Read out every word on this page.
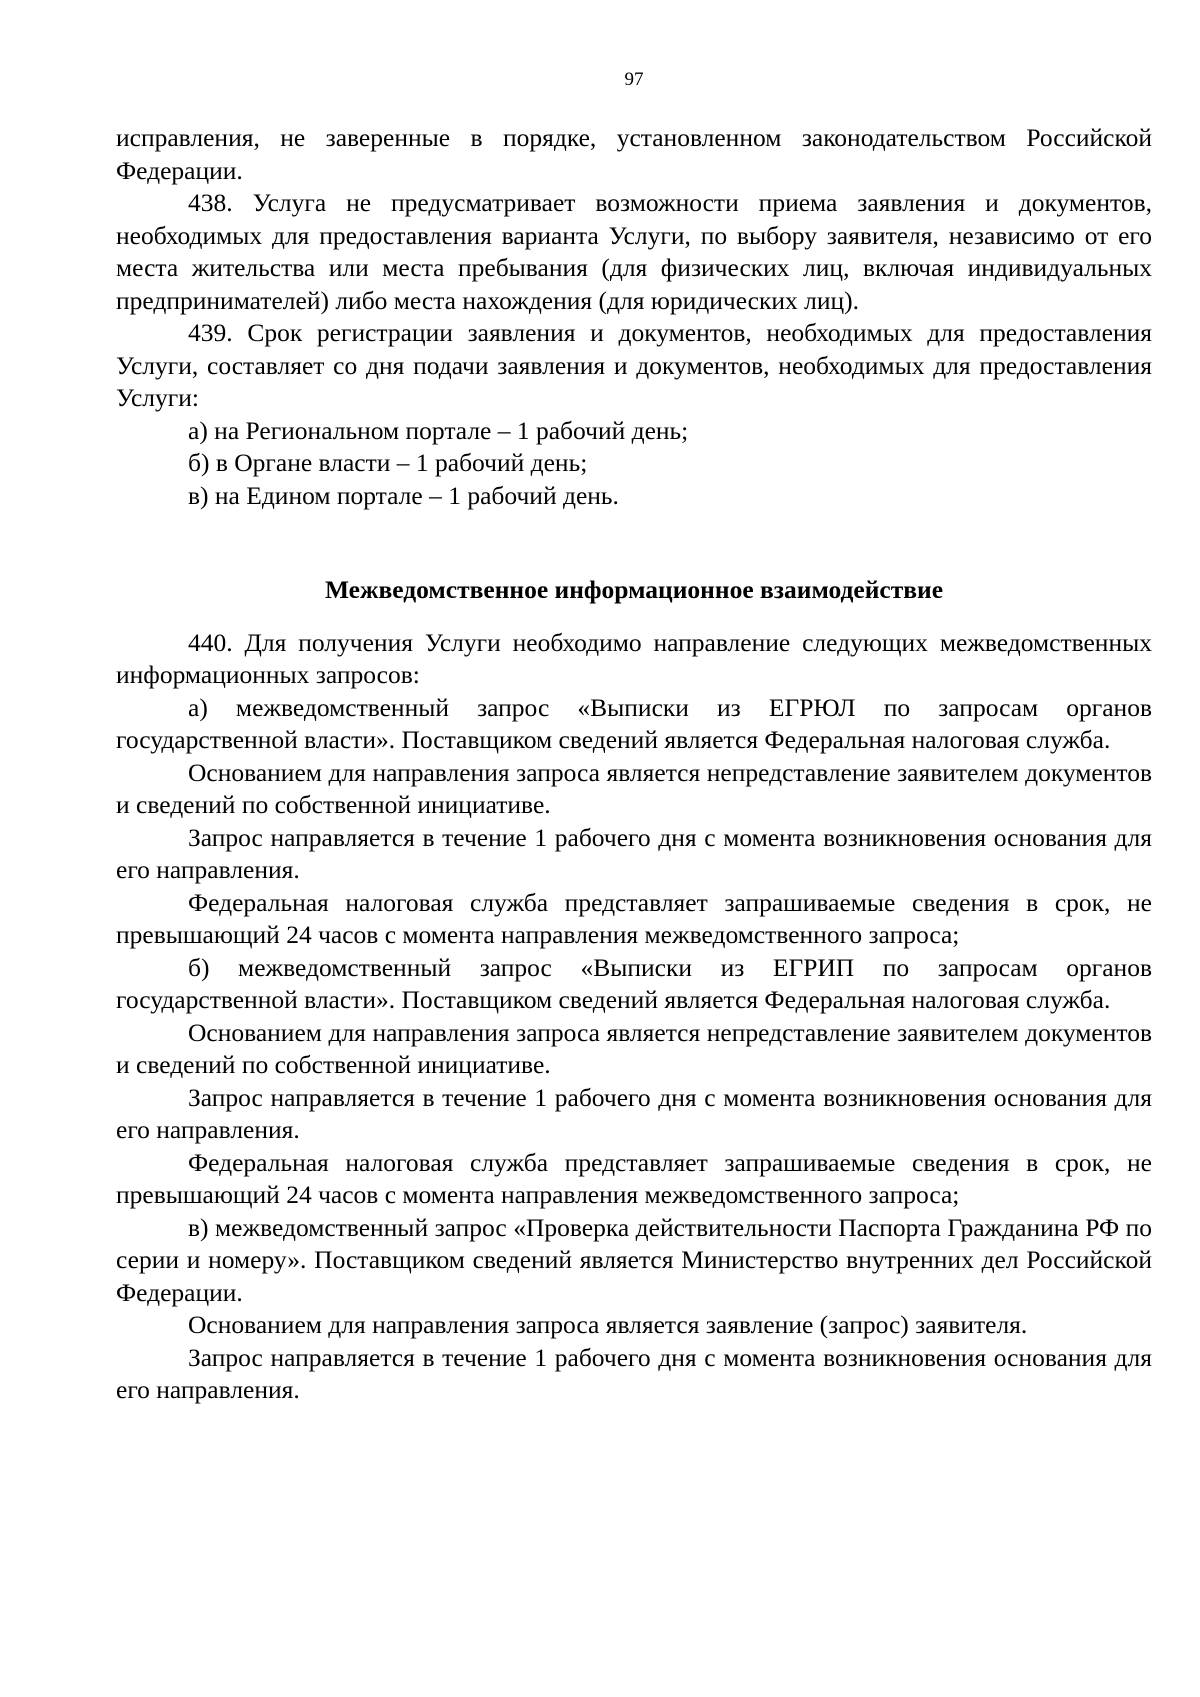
97

исправления, не заверенные в порядке, установленном законодательством Российской Федерации.

438. Услуга не предусматривает возможности приема заявления и документов, необходимых для предоставления варианта Услуги, по выбору заявителя, независимо от его места жительства или места пребывания (для физических лиц, включая индивидуальных предпринимателей) либо места нахождения (для юридических лиц).

439. Срок регистрации заявления и документов, необходимых для предоставления Услуги, составляет со дня подачи заявления и документов, необходимых для предоставления Услуги:

а) на Региональном портале – 1 рабочий день;

б) в Органе власти – 1 рабочий день;

в) на Едином портале – 1 рабочий день.

Межведомственное информационное взаимодействие

440. Для получения Услуги необходимо направление следующих межведомственных информационных запросов:

а) межведомственный запрос «Выписки из ЕГРЮЛ по запросам органов государственной власти». Поставщиком сведений является Федеральная налоговая служба.

Основанием для направления запроса является непредставление заявителем документов и сведений по собственной инициативе.

Запрос направляется в течение 1 рабочего дня с момента возникновения основания для его направления.

Федеральная налоговая служба представляет запрашиваемые сведения в срок, не превышающий 24 часов с момента направления межведомственного запроса;

б) межведомственный запрос «Выписки из ЕГРИП по запросам органов государственной власти». Поставщиком сведений является Федеральная налоговая служба.

Основанием для направления запроса является непредставление заявителем документов и сведений по собственной инициативе.

Запрос направляется в течение 1 рабочего дня с момента возникновения основания для его направления.

Федеральная налоговая служба представляет запрашиваемые сведения в срок, не превышающий 24 часов с момента направления межведомственного запроса;

в) межведомственный запрос «Проверка действительности Паспорта Гражданина РФ по серии и номеру». Поставщиком сведений является Министерство внутренних дел Российской Федерации.

Основанием для направления запроса является заявление (запрос) заявителя.

Запрос направляется в течение 1 рабочего дня с момента возникновения основания для его направления.
